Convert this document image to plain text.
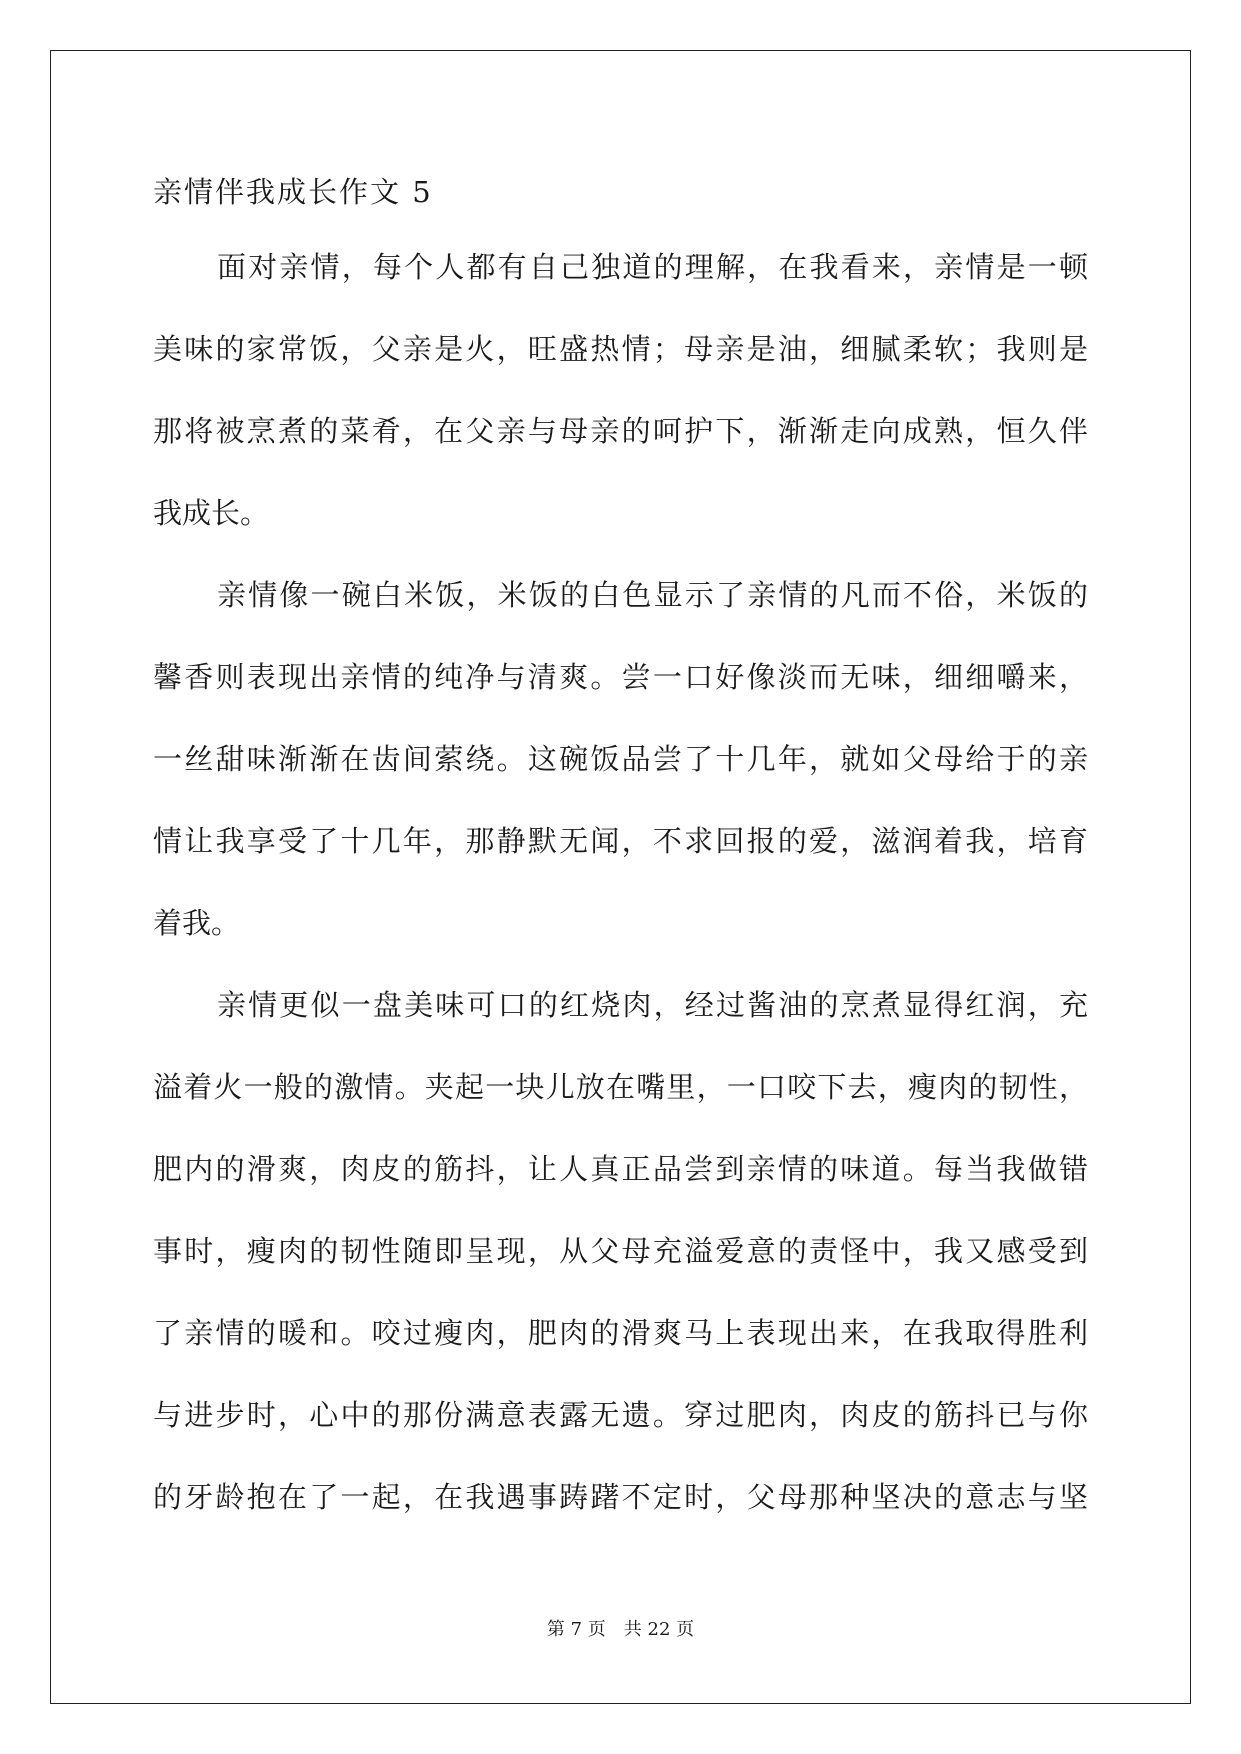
亲情伴我成长作文 5
面对亲情，每个人都有自己独道的理解，在我看来，亲情是一顿
美味的家常饭，父亲是火，旺盛热情；母亲是油，细腻柔软；我则是
那将被烹煮的菜肴，在父亲与母亲的呵护下，渐渐走向成熟，恒久伴
我成长。
亲情像一碗白米饭，米饭的白色显示了亲情的凡而不俗，米饭的
馨香则表现出亲情的纯净与清爽。尝一口好像淡而无味，细细嚼来，
一丝甜味渐渐在齿间萦绕。这碗饭品尝了十几年，就如父母给于的亲
情让我享受了十几年，那静默无闻，不求回报的爱，滋润着我，培育
着我。
亲情更似一盘美味可口的红烧肉，经过酱油的烹煮显得红润，充
溢着火一般的激情。夹起一块儿放在嘴里，一口咬下去，瘦肉的韧性，
肥内的滑爽，肉皮的筋抖，让人真正品尝到亲情的味道。每当我做错
事时，瘦肉的韧性随即呈现，从父母充溢爱意的责怪中，我又感受到
了亲情的暖和。咬过瘦肉，肥肉的滑爽马上表现出来，在我取得胜利
与进步时，心中的那份满意表露无遗。穿过肥肉，肉皮的筋抖已与你
的牙龄抱在了一起，在我遇事踌躇不定时，父母那种坚决的意志与坚
第 7 页　共 22 页
